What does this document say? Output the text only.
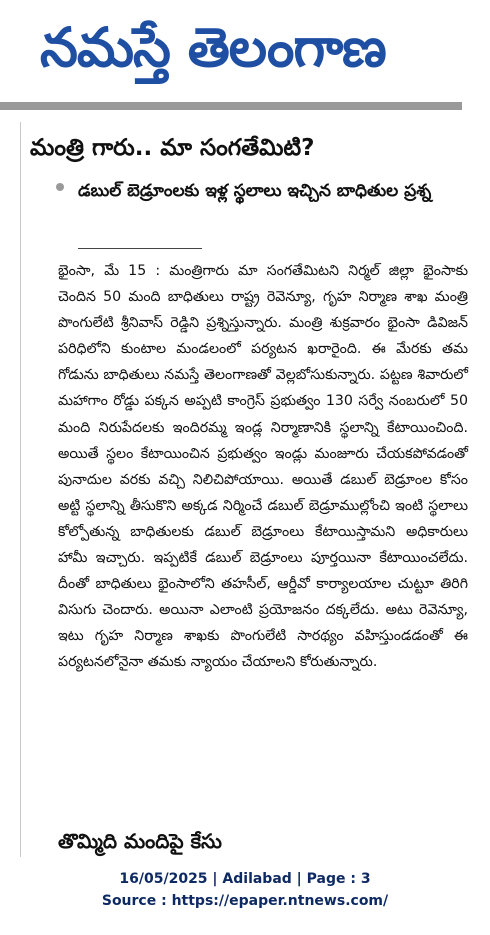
నమస్తే తెలంగాణ
మంత్రి గారు.. మా సంగతేమిటి?
డబుల్ బెడ్రూంలకు ఇళ్ల స్థలాలు ఇచ్చిన బాధితుల ప్రశ్న

భైంసా, మే 15 : మంత్రిగారు మా సంగతేమిటని నిర్మల్ జిల్లా భైంసాకు చెందిన 50 మంది బాధితులు రాష్ట్ర రెవెన్యూ, గృహ నిర్మాణ శాఖ మంత్రి పొంగులేటి శ్రీనివాస్ రెడ్డిని ప్రశ్నిస్తున్నారు. మంత్రి శుక్రవారం భైంసా డివిజన్ పరిధిలోని కుంటాల మండలంలో పర్యటన ఖరారైంది. ఈ మేరకు తమ గోడును బాధితులు నమస్తే తెలంగాణతో వెల్లబోసుకున్నారు. పట్టణ శివారులో మహాగాం రోడ్డు పక్కన అప్పటి కాంగ్రెస్ ప్రభుత్వం 130 సర్వే నంబరులో 50 మంది నిరుపేదలకు ఇందిరమ్మ ఇండ్ల నిర్మాణానికి స్థలాన్ని కేటాయించింది. అయితే స్థలం కేటాయించిన ప్రభుత్వం ఇండ్లు మంజూరు చేయకపోవడంతో పునాదుల వరకు వచ్చి నిలిచిపోయాయి. అయితే డబుల్ బెడ్రూంల కోసం అట్టి స్థలాన్ని తీసుకొని అక్కడ నిర్మించే డబుల్ బెడ్రూముల్లోంచి ఇంటి స్థలాలు కోల్పోతున్న బాధితులకు డబుల్ బెడ్రూంలు కేటాయిస్తామని అధికారులు హామీ ఇచ్చారు. ఇప్పటికే డబుల్ బెడ్రూంలు పూర్తయినా కేటాయించలేదు. దీంతో బాధితులు భైంసాలోని తహసీల్, ఆర్డీవో కార్యాలయాల చుట్టూ తిరిగి విసుగు చెందారు. అయినా ఎలాంటి ప్రయోజనం దక్కలేదు. అటు రెవెన్యూ, ఇటు గృహ నిర్మాణ శాఖకు పొంగులేటి సారథ్యం వహిస్తుండడంతో ఈ పర్యటనలోనైనా తమకు న్యాయం చేయాలని కోరుతున్నారు.

తొమ్మిది మందిపై కేసు
16/05/2025 | Adilabad | Page : 3
Source : https://epaper.ntnews.com/
